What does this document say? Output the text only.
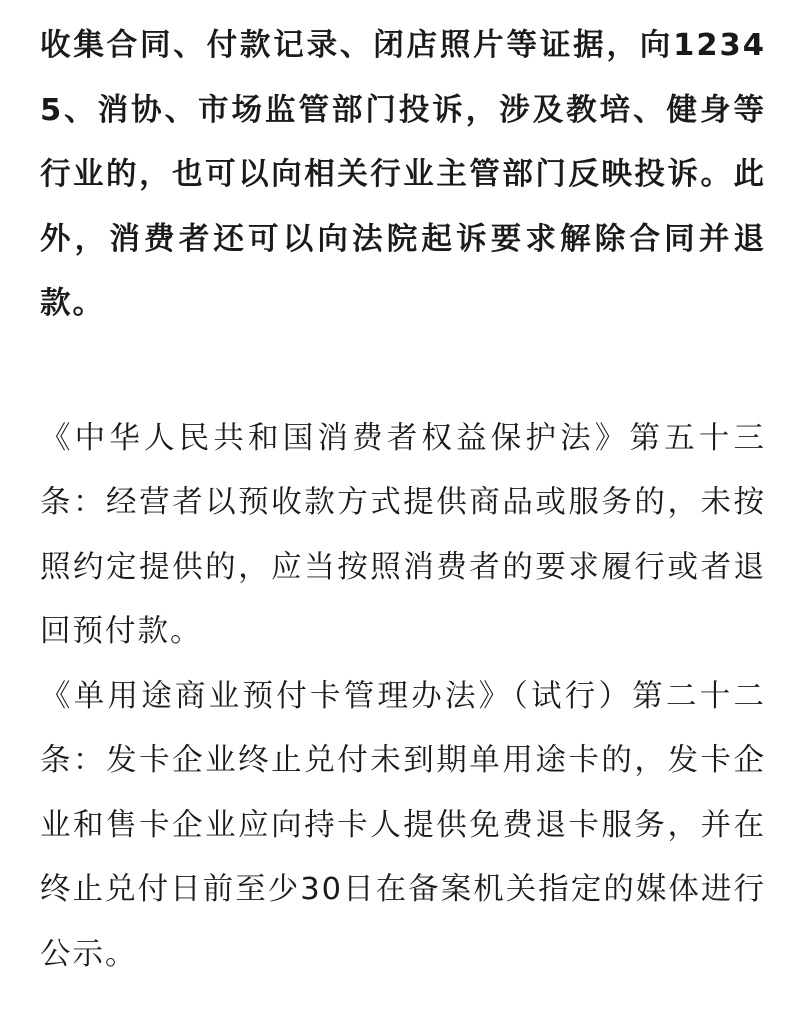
收集合同、付款记录、闭店照片等证据，向12345、消协、市场监管部门投诉，涉及教培、健身等行业的，也可以向相关行业主管部门反映投诉。此外，消费者还可以向法院起诉要求解除合同并退款。

《中华人民共和国消费者权益保护法》第五十三条：经营者以预收款方式提供商品或服务的，未按照约定提供的，应当按照消费者的要求履行或者退回预付款。

《单用途商业预付卡管理办法》（试行）第二十二条：发卡企业终止兑付未到期单用途卡的，发卡企业和售卡企业应向持卡人提供免费退卡服务，并在终止兑付日前至少30日在备案机关指定的媒体进行公示。
